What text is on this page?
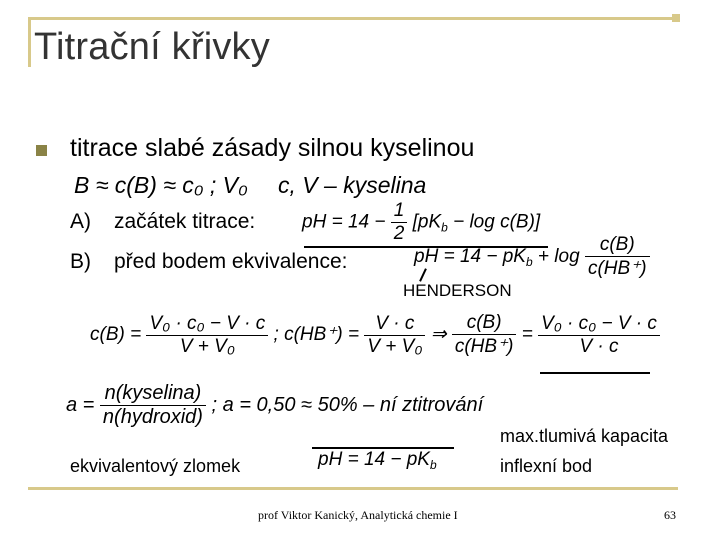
Titrační křivky
titrace slabé zásady silnou kyselinou
B ≈ c(B) ≈ c₀ ; V₀ c, V – kyselina
A) začátek titrace: pH = $14 - \frac{1}{2} [pK_b - \log c(B)]$
B) před bodem ekvivalence:	pH = $14 - pK_b + \log \frac{c(B)}{c(HB^+)}$
HENDERSON
$c(B) = \frac{\text{V₀ · c₀ − V · c}}{\text{V + V₀}}$ ; $c(HB^+) = \frac{V \cdot c}{\text{V + V₀}}$ ⇒ $\frac{c(B)}{c(HB^+)} = \frac{\text{V₀ · c₀ − V · c}}{V \cdot c}$
$a = \frac{\text{n(kyselina)}}{\text{n(hydroxid)}}$ ; a = 0,50 ≈ 50% – ní ztitrování
ekvivalentový zlomek	pH = $14 - pK_b$
max.tlumivá kapacita
inflexní bod
prof Viktor Kanický, Analytická chemie I	63
